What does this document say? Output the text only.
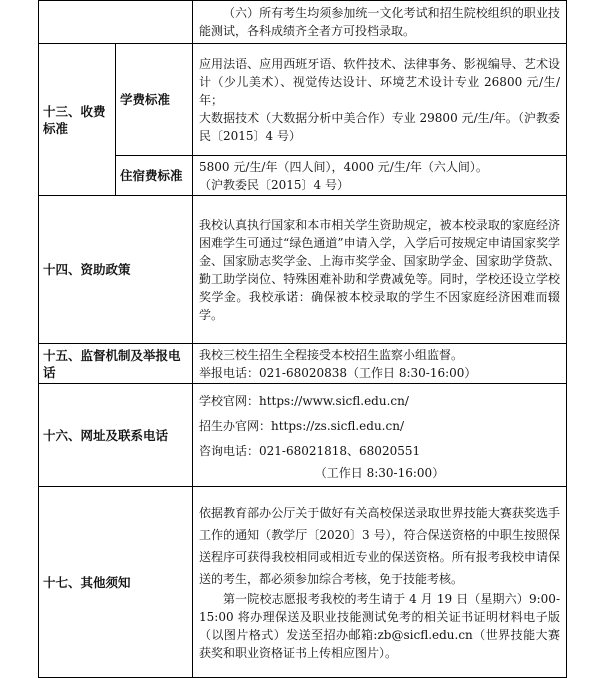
		（六）所有考生均须参加统一文化考试和招生院校组织的职业技能测试，各科成绩齐全者方可投档录取。

十三、收费标准	学费标准	应用法语、应用西班牙语、软件技术、法律事务、影视编导、艺术设计（少儿美术）、视觉传达设计、环境艺术设计专业 26800 元/生/年；

大数据技术（大数据分析中美合作）专业 29800 元/生/年。（沪教委民〔2015〕4 号）

	住宿费标准	5800 元/生/年（四人间），4000 元/生/年（六人间）。

（沪教委民〔2015〕4 号）

十四、资助政策		我校认真执行国家和本市相关学生资助规定，被本校录取的家庭经济困难学生可通过“绿色通道”申请入学，入学后可按规定申请国家奖学金、国家励志奖学金、上海市奖学金、国家助学金、国家助学贷款、勤工助学岗位、特殊困难补助和学费减免等。同时，学校还设立学校奖学金。我校承诺：确保被本校录取的学生不因家庭经济困难而辍学。

十五、监督机制及举报电话		我校三校生招生全程接受本校招生监察小组监督。

举报电话：021-68020838（工作日 8:30-16:00）

十六、网址及联系电话		学校官网：https://www.sicfl.edu.cn/

招生办官网：https://zs.sicfl.edu.cn/

咨询电话：021-68021818、68020551

（工作日 8:30-16:00）

十七、其他须知		依据教育部办公厅关于做好有关高校保送录取世界技能大赛获奖选手工作的通知（教学厅〔2020〕3 号），符合保送资格的中职生按照保送程序可获得我校相同或相近专业的保送资格。所有报考我校申请保送的考生，都必须参加综合考核，免于技能考核。

第一院校志愿报考我校的考生请于 4 月 19 日（星期六）9:00-15:00 将办理保送及职业技能测试免考的相关证书证明材料电子版（以图片格式）发送至招办邮箱:zb@sicfl.edu.cn（世界技能大赛获奖和职业资格证书上传相应图片）。
